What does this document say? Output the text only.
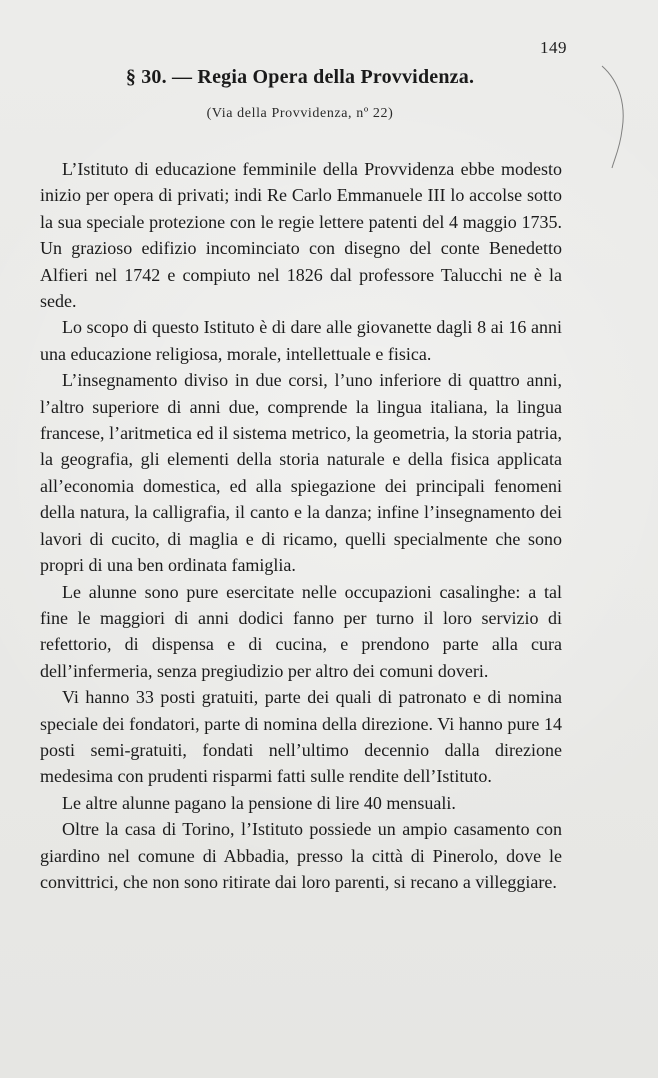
149
§ 30. — Regia Opera della Provvidenza.
(Via della Provvidenza, nº 22)

L’Istituto di educazione femminile della Provvidenza ebbe modesto inizio per opera di privati; indi Re Carlo Emmanuele III lo accolse sotto la sua speciale protezione con le regie lettere patenti del 4 maggio 1735. Un grazioso edifizio incominciato con disegno del conte Benedetto Alfieri nel 1742 e compiuto nel 1826 dal professore Talucchi ne è la sede.

Lo scopo di questo Istituto è di dare alle giovanette dagli 8 ai 16 anni una educazione religiosa, morale, intellettuale e fisica.

L’insegnamento diviso in due corsi, l’uno inferiore di quattro anni, l’altro superiore di anni due, comprende la lingua italiana, la lingua francese, l’aritmetica ed il sistema metrico, la geometria, la storia patria, la geografia, gli elementi della storia naturale e della fisica applicata all’economia domestica, ed alla spiegazione dei principali fenomeni della natura, la calligrafia, il canto e la danza; infine l’insegnamento dei lavori di cucito, di maglia e di ricamo, quelli specialmente che sono propri di una ben ordinata famiglia.

Le alunne sono pure esercitate nelle occupazioni casalinghe: a tal fine le maggiori di anni dodici fanno per turno il loro servizio di refettorio, di dispensa e di cucina, e prendono parte alla cura dell’infermeria, senza pregiudizio per altro dei comuni doveri.

Vi hanno 33 posti gratuiti, parte dei quali di patronato e di nomina speciale dei fondatori, parte di nomina della direzione. Vi hanno pure 14 posti semi-gratuiti, fondati nell’ultimo decennio dalla direzione medesima con prudenti risparmi fatti sulle rendite dell’Istituto.

Le altre alunne pagano la pensione di lire 40 mensuali.

Oltre la casa di Torino, l’Istituto possiede un ampio casamento con giardino nel comune di Abbadia, presso la città di Pinerolo, dove le convittrici, che non sono ritirate dai loro parenti, si recano a villeggiare.
